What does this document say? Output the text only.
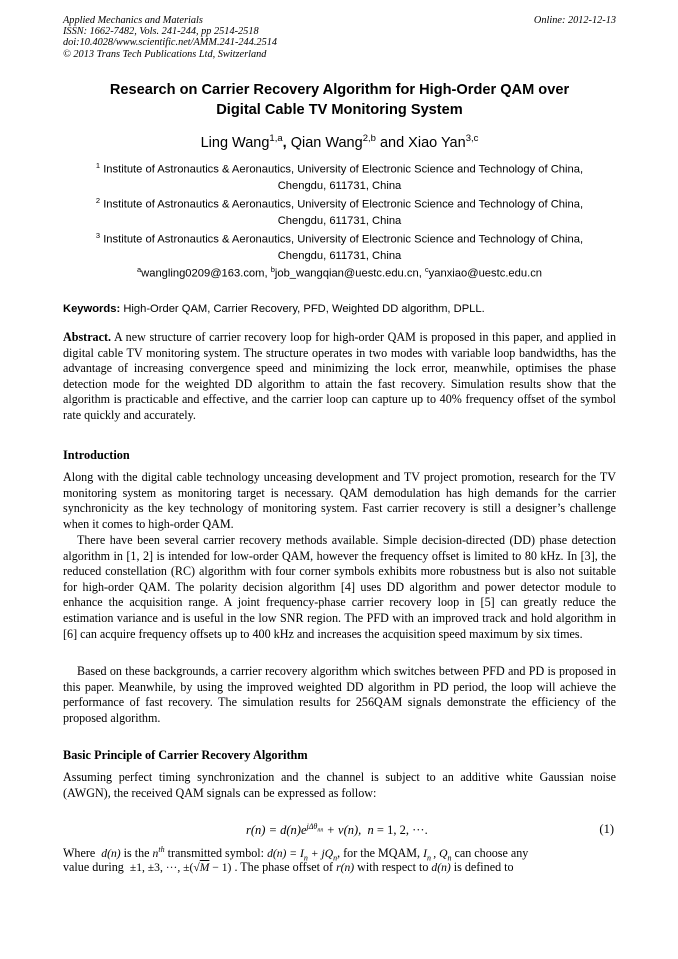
Applied Mechanics and Materials
ISSN: 1662-7482, Vols. 241-244, pp 2514-2518
doi:10.4028/www.scientific.net/AMM.241-244.2514
© 2013 Trans Tech Publications Ltd, Switzerland
Online: 2012-12-13
Research on Carrier Recovery Algorithm for High-Order QAM over
Digital Cable TV Monitoring System
Ling Wang$^{1,a}$, Qian Wang$^{2,b}$ and Xiao Yan$^{3,c}$
$^1$ Institute of Astronautics & Aeronautics, University of Electronic Science and Technology of China,
Chengdu, 611731, China
$^2$ Institute of Astronautics & Aeronautics, University of Electronic Science and Technology of China,
Chengdu, 611731, China
$^3$ Institute of Astronautics & Aeronautics, University of Electronic Science and Technology of China,
Chengdu, 611731, China
$^a$wangling0209@163.com, $^b$job_wangqian@uestc.edu.cn, $^c$yanxiao@uestc.edu.cn
Keywords: High-Order QAM, Carrier Recovery, PFD, Weighted DD algorithm, DPLL.
Abstract. A new structure of carrier recovery loop for high-order QAM is proposed in this paper, and applied in digital cable TV monitoring system. The structure operates in two modes with variable loop bandwidths, has the advantage of increasing convergence speed and minimizing the lock error, meanwhile, optimises the phase detection mode for the weighted DD algorithm to attain the fast recovery. Simulation results show that the algorithm is practicable and effective, and the carrier loop can capture up to 40% frequency offset of the symbol rate quickly and accurately.
Introduction
Along with the digital cable technology unceasing development and TV project promotion, research for the TV monitoring system as monitoring target is necessary. QAM demodulation has high demands for the carrier synchronicity as the key technology of monitoring system. Fast carrier recovery is still a designer’s challenge when it comes to high-order QAM.
There have been several carrier recovery methods available. Simple decision-directed (DD) phase detection algorithm in [1, 2] is intended for low-order QAM, however the frequency offset is limited to 80 kHz. In [3], the reduced constellation (RC) algorithm with four corner symbols exhibits more robustness but is also not suitable for high-order QAM. The polarity decision algorithm [4] uses DD algorithm and power detector module to enhance the acquisition range. A joint frequency-phase carrier recovery loop in [5] can greatly reduce the estimation variance and is useful in the low SNR region. The PFD with an improved track and hold algorithm in [6] can acquire frequency offsets up to 400 kHz and increases the acquisition speed maximum by six times.
Based on these backgrounds, a carrier recovery algorithm which switches between PFD and PD is proposed in this paper. Meanwhile, by using the improved weighted DD algorithm in PD period, the loop will achieve the performance of fast recovery. The simulation results for 256QAM signals demonstrate the efficiency of the proposed algorithm.
Basic Principle of Carrier Recovery Algorithm
Assuming perfect timing synchronization and the channel is subject to an additive white Gaussian noise (AWGN), the received QAM signals can be expressed as follow:
$r(n) = d(n)e^{j\Delta\theta_{nn}} + v(n)$,  n = 1, 2, ···.	(1)
Where d(n) is the $n^{th}$ transmitted symbol: $d(n) = I_n + jQ_n$, for the MQAM, $I_n$ , $Q_n$ can choose any
value during ±1, ±3, ···, ±(√M − 1) . The phase offset of r(n) with respect to d(n) is defined to
